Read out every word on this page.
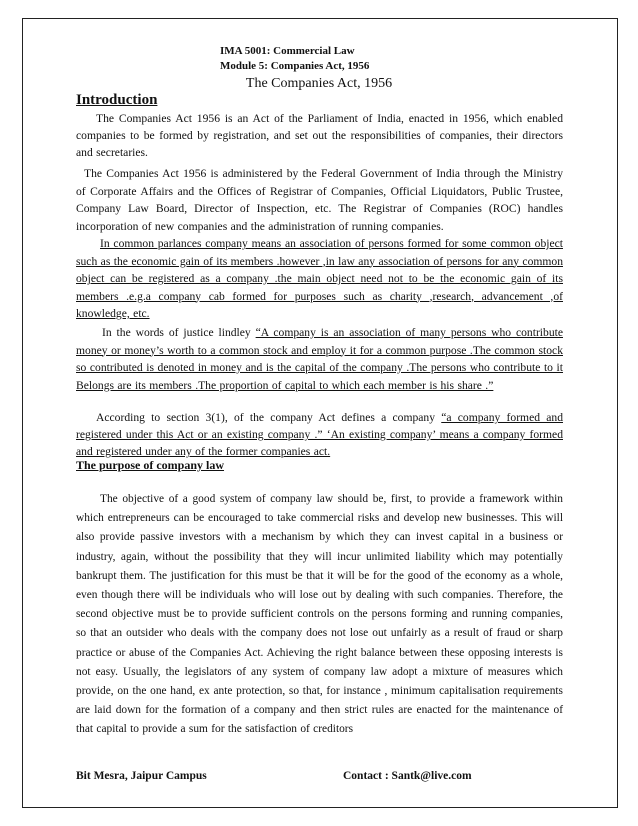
IMA 5001: Commercial Law
Module 5: Companies Act, 1956
The Companies Act, 1956
Introduction
The Companies Act 1956 is an Act of the Parliament of India, enacted in 1956, which enabled companies to be formed by registration, and set out the responsibilities of companies, their directors and secretaries.
The Companies Act 1956 is administered by the Federal Government of India through the Ministry of Corporate Affairs and the Offices of Registrar of Companies, Official Liquidators, Public Trustee, Company Law Board, Director of Inspection, etc. The Registrar of Companies (ROC) handles incorporation of new companies and the administration of running companies.
In common parlances company means an association of persons formed for some common object such as the economic gain of its members .however ,in law any association of persons for any common object can be registered as a company .the main object need not to be the economic gain of its members .e.g.a company cab formed for purposes such as charity ,research, advancement ,of knowledge, etc.
In the words of justice lindley “A company is an association of many persons who contribute money or money’s worth to a common stock and employ it for a common purpose .The common stock so contributed is denoted in money and is the capital of the company .The persons who contribute to it Belongs are its members .The proportion of capital to which each member is his share .”
According to section 3(1), of the company Act defines a company “a company formed and registered under this Act or an existing company .” ‘An existing company’ means a company formed and registered under any of the former companies act.
The purpose of company law
The objective of a good system of company law should be, first, to provide a framework within which entrepreneurs can be encouraged to take commercial risks and develop new businesses. This will also provide passive investors with a mechanism by which they can invest capital in a business or industry, again, without the possibility that they will incur unlimited liability which may potentially bankrupt them. The justification for this must be that it will be for the good of the economy as a whole, even though there will be individuals who will lose out by dealing with such companies. Therefore, the second objective must be to provide sufficient controls on the persons forming and running companies, so that an outsider who deals with the company does not lose out unfairly as a result of fraud or sharp practice or abuse of the Companies Act. Achieving the right balance between these opposing interests is not easy. Usually, the legislators of any system of company law adopt a mixture of measures which provide, on the one hand, ex ante protection, so that, for instance , minimum capitalisation requirements are laid down for the formation of a company and then strict rules are enacted for the maintenance of that capital to provide a sum for the satisfaction of creditors
Bit Mesra, Jaipur Campus	Contact : Santk@live.com
